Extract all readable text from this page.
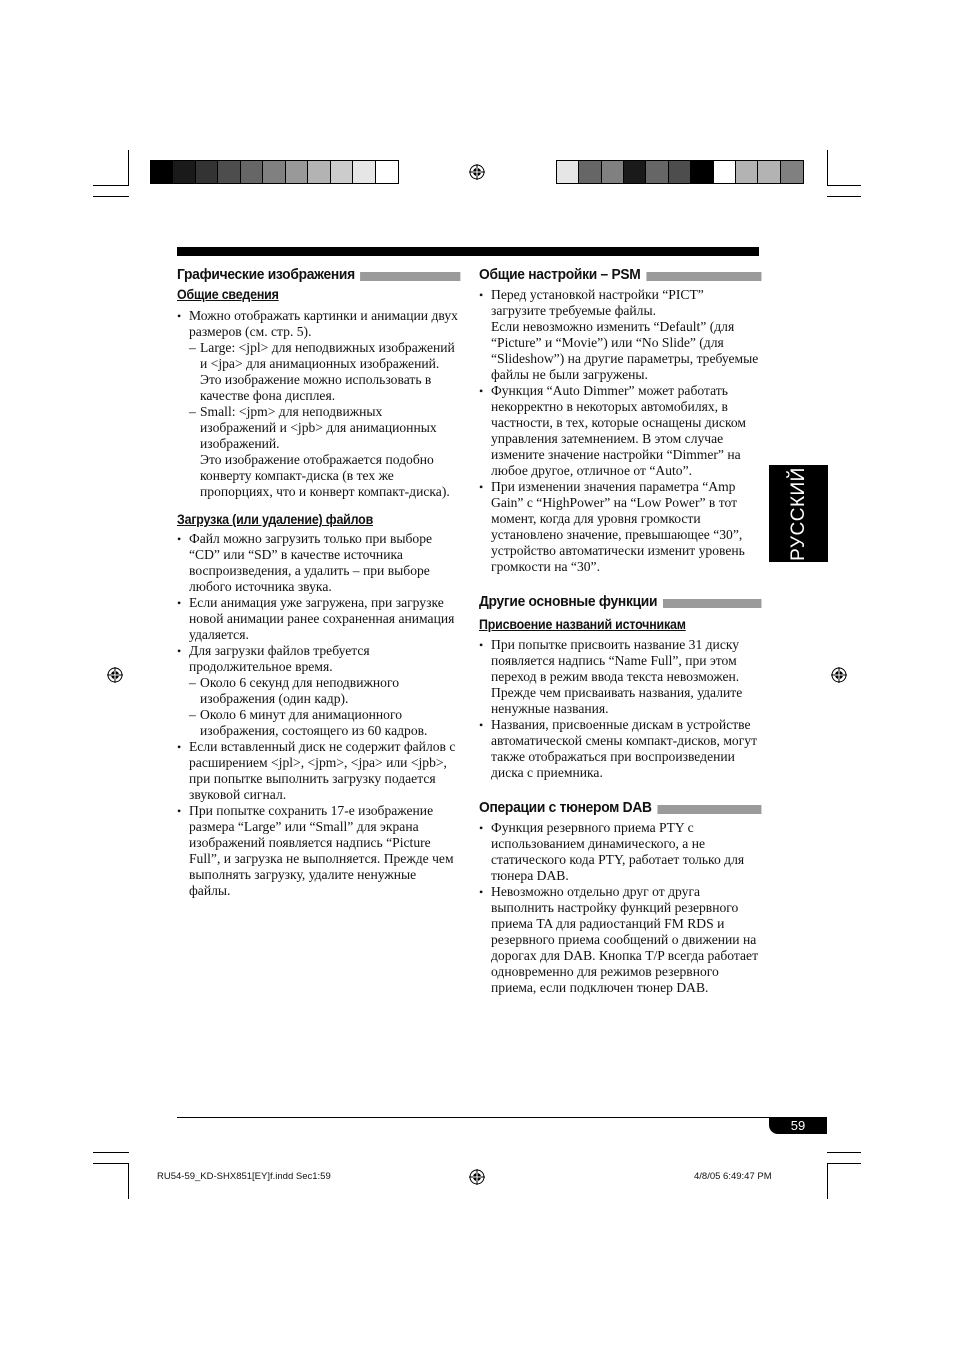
Графические изображения
Общие сведения
• Можно отображать картинки и анимации двух размеров (см. стр. 5).
– Large: <jpl> для неподвижных изображений и <jpa> для анимационных изображений.
Это изображение можно использовать в качестве фона дисплея.
– Small: <jpm> для неподвижных изображений и <jpb> для анимационных изображений.
Это изображение отображается подобно конверту компакт-диска (в тех же пропорциях, что и конверт компакт-диска).
Загрузка (или удаление) файлов
• Файл можно загрузить только при выборе “CD” или “SD” в качестве источника воспроизведения, а удалить – при выборе любого источника звука.
• Если анимация уже загружена, при загрузке новой анимации ранее сохраненная анимация удаляется.
• Для загрузки файлов требуется продолжительное время.
– Около 6 секунд для неподвижного изображения (один кадр).
– Около 6 минут для анимационного изображения, состоящего из 60 кадров.
• Если вставленный диск не содержит файлов с расширением <jpl>, <jpm>, <jpa> или <jpb>, при попытке выполнить загрузку подается звуковой сигнал.
• При попытке сохранить 17-е изображение размера “Large” или “Small” для экрана изображений появляется надпись “Picture Full”, и загрузка не выполняется. Прежде чем выполнять загрузку, удалите ненужные файлы.
Общие настройки – PSM
• Перед установкой настройки “PICT” загрузите требуемые файлы.
Если невозможно изменить “Default” (для “Picture” и “Movie”) или “No Slide” (для “Slideshow”) на другие параметры, требуемые файлы не были загружены.
• Функция “Auto Dimmer” может работать некорректно в некоторых автомобилях, в частности, в тех, которые оснащены диском управления затемнением. В этом случае измените значение настройки “Dimmer” на любое другое, отличное от “Auto”.
• При изменении значения параметра “Amp Gain” с “HighPower” на “Low Power” в тот момент, когда для уровня громкости установлено значение, превышающее “30”, устройство автоматически изменит уровень громкости на “30”.
Другие основные функции
Присвоение названий источникам
• При попытке присвоить название 31 диску появляется надпись “Name Full”, при этом переход в режим ввода текста невозможен. Прежде чем присваивать названия, удалите ненужные названия.
• Названия, присвоенные дискам в устройстве автоматической смены компакт-дисков, могут также отображаться при воспроизведении диска с приемника.
Операции с тюнером DAB
• Функция резервного приема PTY с использованием динамического, а не статического кода PTY, работает только для тюнера DAB.
• Невозможно отдельно друг от друга выполнить настройку функций резервного приема TA для радиостанций FM RDS и резервного приема сообщений о движении на дорогах для DAB. Кнопка T/P всегда работает одновременно для режимов резервного приема, если подключен тюнер DAB.
РУССКИЙ
59
RU54-59_KD-SHX851[EY]f.indd Sec1:59	4/8/05 6:49:47 PM
